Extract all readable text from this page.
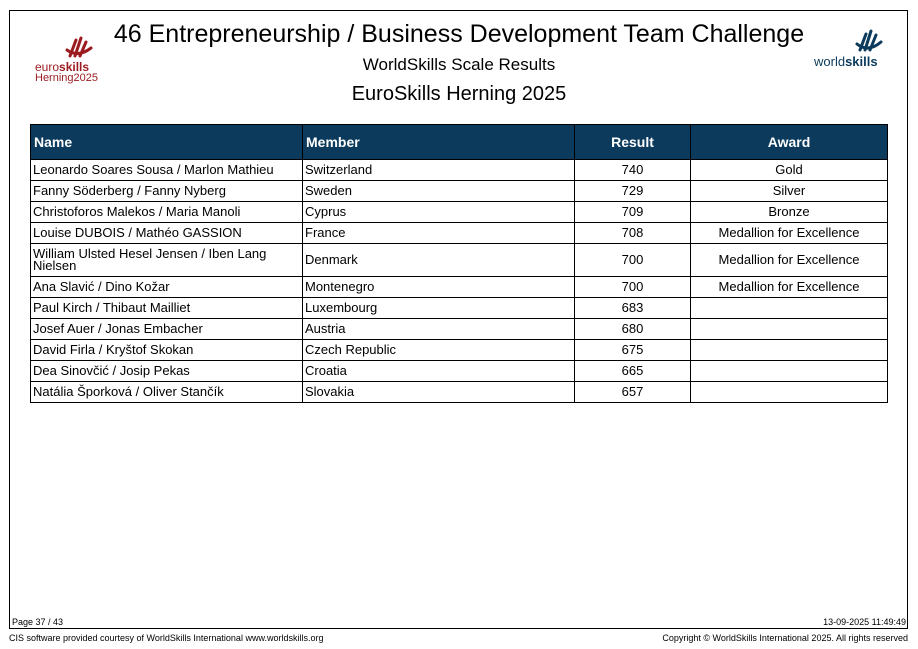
euroskills
Herning2025
worldskills
46 Entrepreneurship / Business Development Team Challenge
WorldSkills Scale Results
EuroSkills Herning 2025
Name	Member	Result	Award
Leonardo Soares Sousa / Marlon Mathieu	Switzerland	740	Gold
Fanny Söderberg / Fanny Nyberg	Sweden	729	Silver
Christoforos Malekos / Maria Manoli	Cyprus	709	Bronze
Louise DUBOIS / Mathéo GASSION	France	708	Medallion for Excellence
William Ulsted Hesel Jensen / Iben Lang Nielsen	Denmark	700	Medallion for Excellence
Ana Slavić / Dino Kožar	Montenegro	700	Medallion for Excellence
Paul Kirch / Thibaut Mailliet	Luxembourg	683	
Josef Auer / Jonas Embacher	Austria	680	
David Firla / Kryštof Skokan	Czech Republic	675	
Dea Sinovčić / Josip Pekas	Croatia	665	
Natália Šporková / Oliver Stančík	Slovakia	657	
Page 37 / 43	13-09-2025 11:49:49
CIS software provided courtesy of WorldSkills International www.worldskills.org	Copyright © WorldSkills International 2025. All rights reserved
